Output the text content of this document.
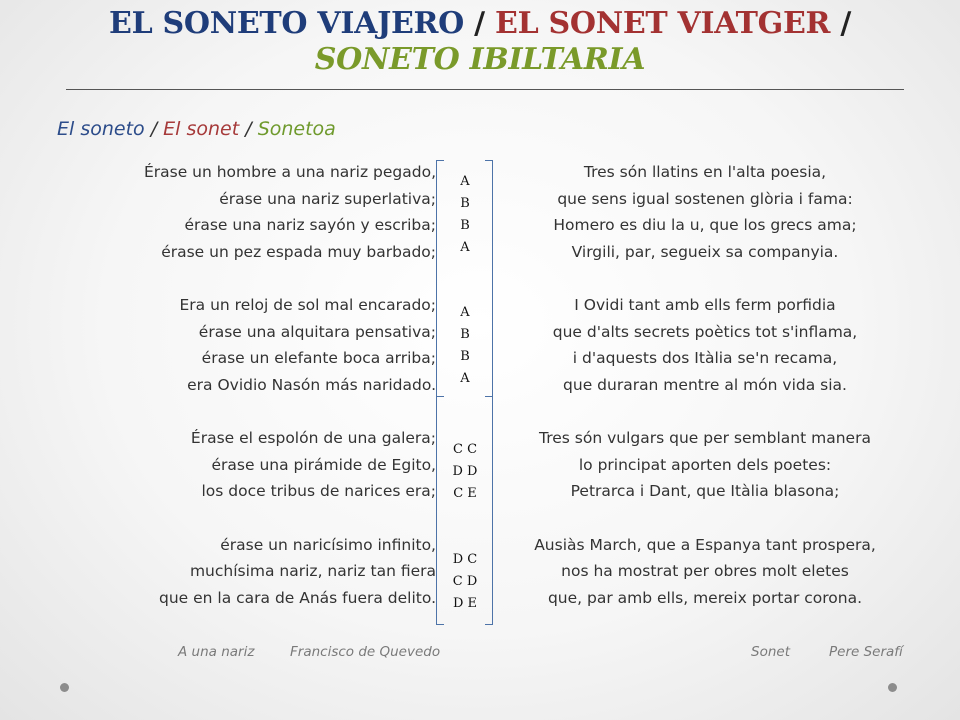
EL SONETO VIAJERO / EL SONET VIATGER / SONETO IBILTARIA
El soneto / El sonet / Sonetoa
Érase un hombre a una nariz pegado,
érase una nariz superlativa;
érase una nariz sayón y escriba;
érase un pez espada muy barbado;
Era un reloj de sol mal encarado;
érase una alquitara pensativa;
érase un elefante boca arriba;
era Ovidio Nasón más naridado.
Érase el espolón de una galera;
érase una pirámide de Egito,
los doce tribus de narices era;
érase un naricísimo infinito,
muchísima nariz, nariz tan fiera
que en la cara de Anás fuera delito.
Tres són llatins en l'alta poesia,
que sens igual sostenen glòria i fama:
Homero es diu la u, que los grecs ama;
Virgili, par, segueix sa companyia.
I Ovidi tant amb ells ferm porfidia
que d'alts secrets poètics tot s'inflama,
i d'aquests dos Itàlia se'n recama,
que duraran mentre al món vida sia.
Tres són vulgars que per semblant manera
lo principat aporten dels poetes:
Petrarca i Dant, que Itàlia blasona;
Ausiàs March, que a Espanya tant prospera,
nos ha mostrat per obres molt eletes
que, par amb ells, mereix portar corona.
A
B
B
A
A
B
B
A
C C
D D
C E
D C
C D
D E
A una nariz	Francisco de Quevedo	Sonet	Pere Serafí
